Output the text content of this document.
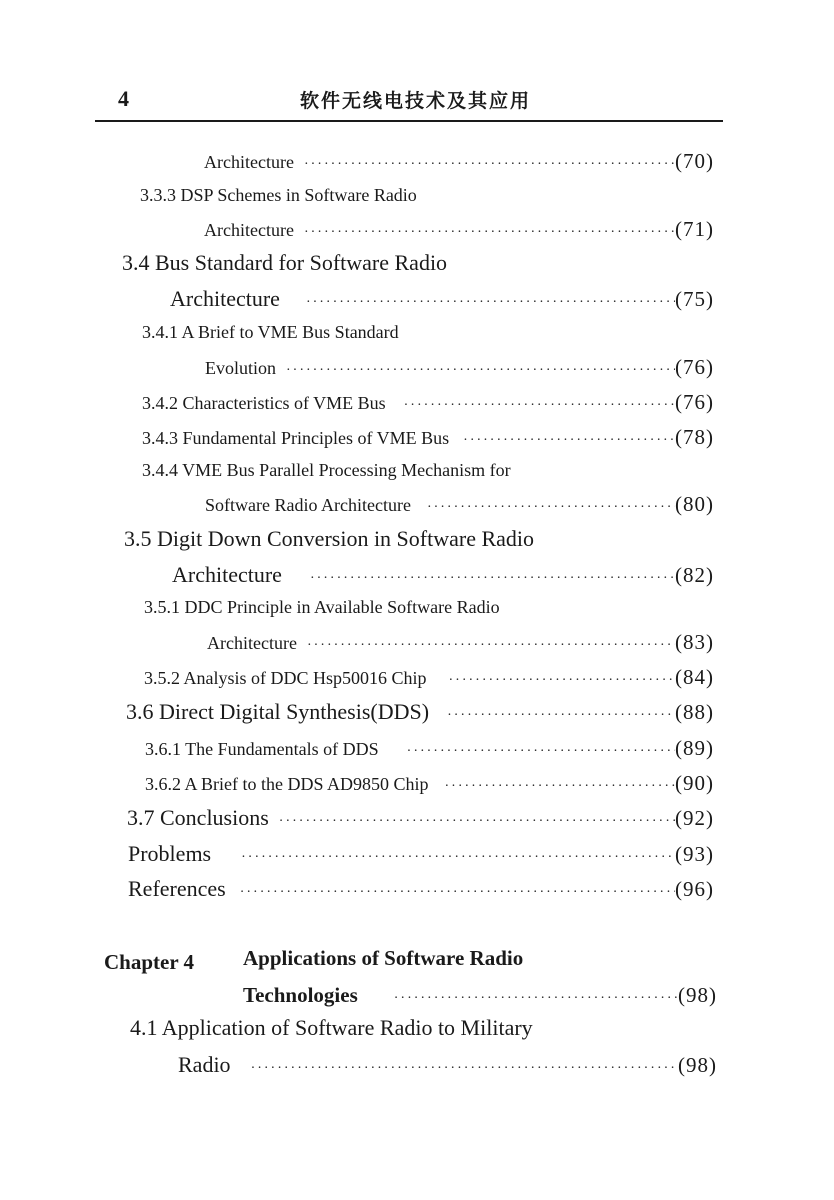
4	软件无线电技术及其应用
Architecture ·····	(70)
3.3.3 DSP Schemes in Software Radio
Architecture ·····	(71)
3.4 Bus Standard for Software Radio
Architecture ·····	(75)
3.4.1 A Brief to VME Bus Standard
Evolution ·····	(76)
3.4.2 Characteristics of VME Bus ·····	(76)
3.4.3 Fundamental Principles of VME Bus ·····	(78)
3.4.4 VME Bus Parallel Processing Mechanism for
Software Radio Architecture ·····	(80)
3.5 Digit Down Conversion in Software Radio
Architecture ·····	(82)
3.5.1 DDC Principle in Available Software Radio
Architecture ·····	(83)
3.5.2 Analysis of DDC Hsp50016 Chip ·····	(84)
3.6 Direct Digital Synthesis(DDS) ·····	(88)
3.6.1 The Fundamentals of DDS ·····	(89)
3.6.2 A Brief to the DDS AD9850 Chip ·····	(90)
3.7 Conclusions ·····	(92)
Problems ·····	(93)
References ·····	(96)
Chapter 4 Applications of Software Radio
Technologies ·····	(98)
4.1 Application of Software Radio to Military
Radio ·····	(98)
